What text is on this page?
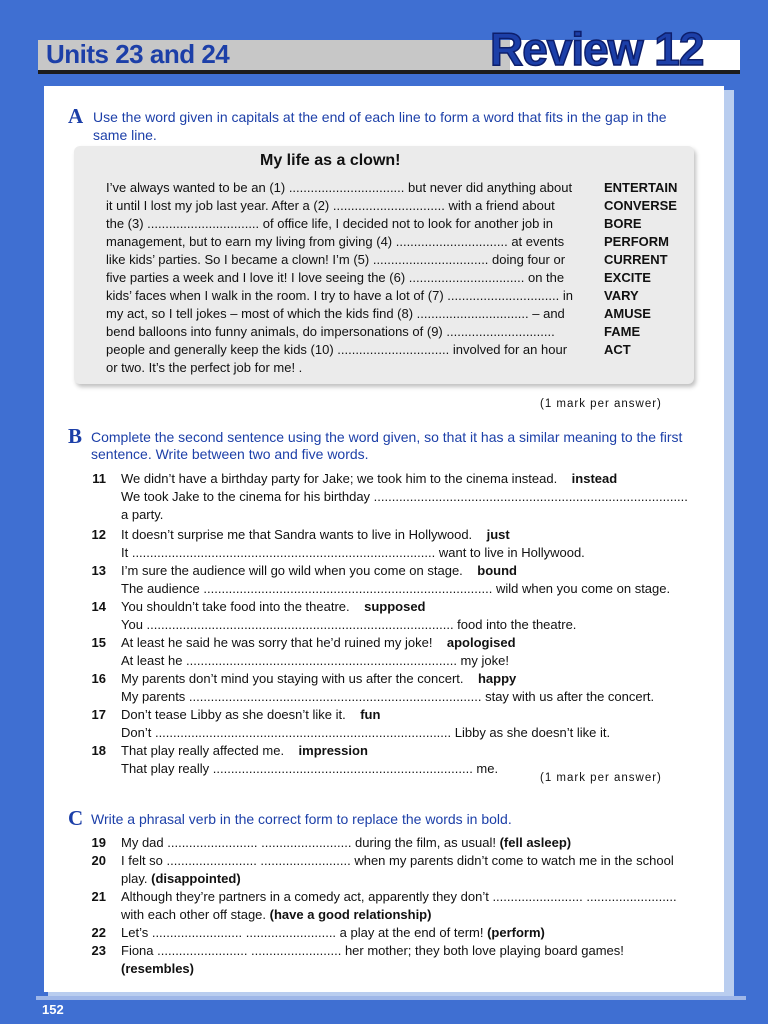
Units 23 and 24	Review 12
A Use the word given in capitals at the end of each line to form a word that fits in the gap in the
same line.
My life as a clown!
I’ve always wanted to be an (1) ................................ but never did anything about
it until I lost my job last year. After a (2) ............................... with a friend about
the (3) ............................... of office life, I decided not to look for another job in
management, but to earn my living from giving (4) ............................... at events
like kids’ parties. So I became a clown! I’m (5) ................................ doing four or
five parties a week and I love it! I love seeing the (6) ................................ on the
kids’ faces when I walk in the room. I try to have a lot of (7) ............................... in
my act, so I tell jokes – most of which the kids find (8) ............................... – and
bend balloons into funny animals, do impersonations of (9) ..............................
people and generally keep the kids (10) ............................... involved for an hour
or two. It’s the perfect job for me! .
ENTERTAIN
CONVERSE
BORE
PERFORM
CURRENT
EXCITE
VARY
AMUSE
FAME
ACT
(1 mark per answer)
B Complete the second sentence using the word given, so that it has a similar meaning to the first
sentence. Write between two and five words.
11 We didn’t have a birthday party for Jake; we took him to the cinema instead. instead
We took Jake to the cinema for his birthday .......................................................................................
a party.
12 It doesn’t surprise me that Sandra wants to live in Hollywood. just
It .................................................................................... want to live in Hollywood.
13 I’m sure the audience will go wild when you come on stage. bound
The audience ................................................................................ wild when you come on stage.
14 You shouldn’t take food into the theatre. supposed
You ..................................................................................... food into the theatre.
15 At least he said he was sorry that he’d ruined my joke! apologised
At least he ........................................................................... my joke!
16 My parents don’t mind you staying with us after the concert. happy
My parents ................................................................................. stay with us after the concert.
17 Don’t tease Libby as she doesn’t like it. fun
Don’t .................................................................................. Libby as she doesn’t like it.
18 That play really affected me. impression
That play really ........................................................................ me.
(1 mark per answer)
C Write a phrasal verb in the correct form to replace the words in bold.
19 My dad ......................... ......................... during the film, as usual! (fell asleep)
20 I felt so ......................... ......................... when my parents didn’t come to watch me in the school
play. (disappointed)
21 Although they’re partners in a comedy act, apparently they don’t ......................... .........................
with each other off stage. (have a good relationship)
22 Let’s ......................... ......................... a play at the end of term! (perform)
23 Fiona ......................... ......................... her mother; they both love playing board games!
(resembles)
152
